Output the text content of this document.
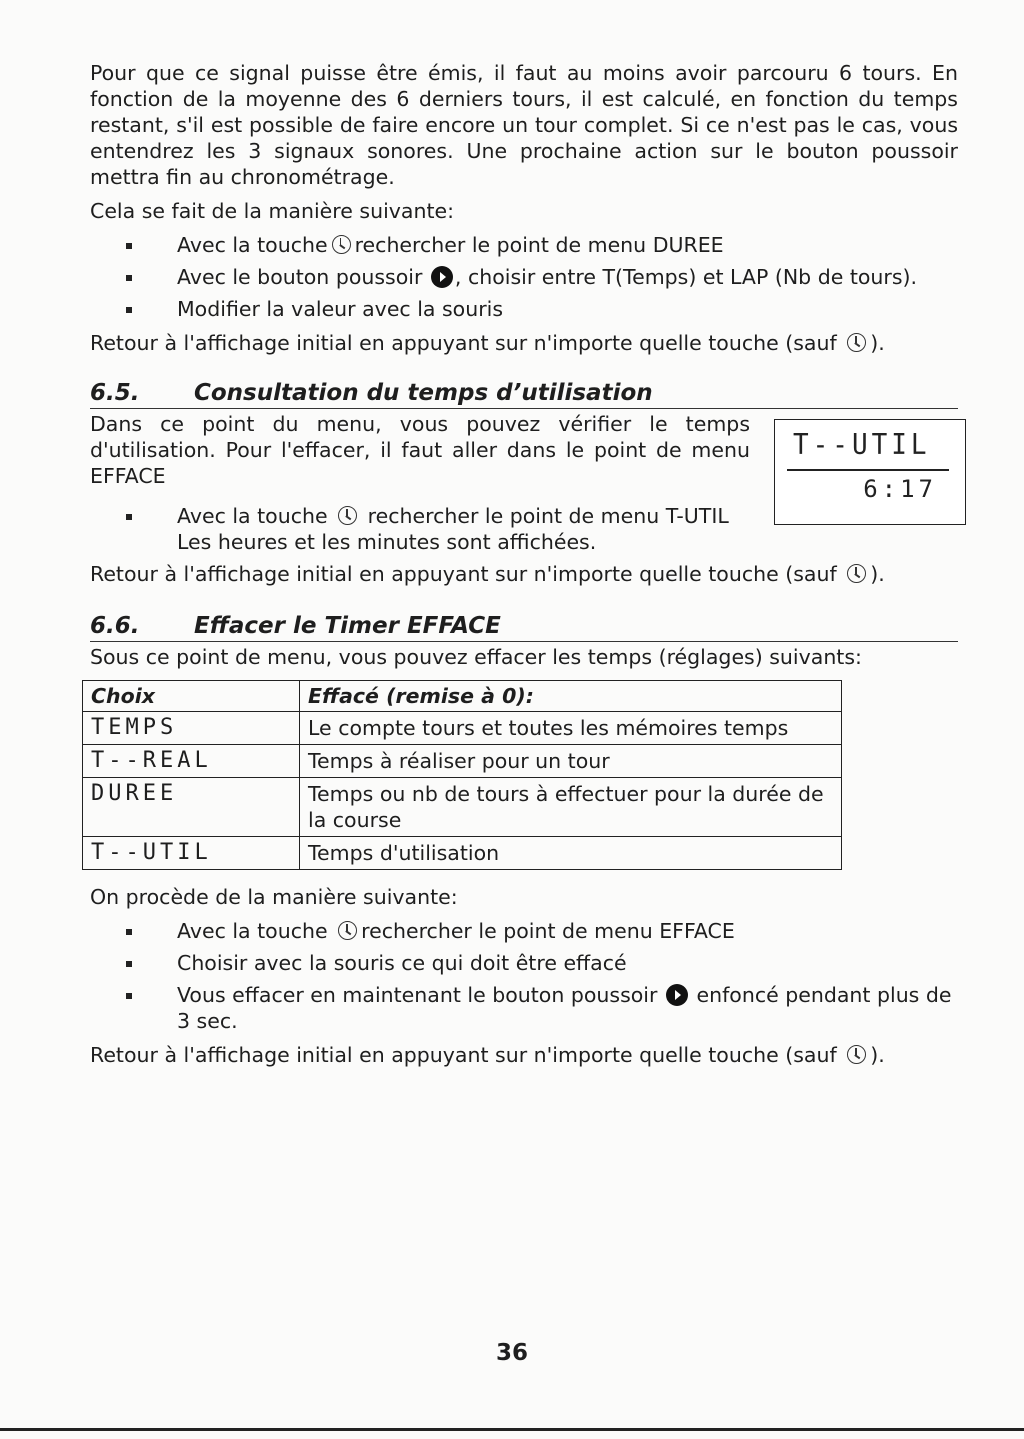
Pour que ce signal puisse être émis, il faut au moins avoir parcouru 6 tours. En fonction de la moyenne des 6 derniers tours, il est calculé, en fonction du temps restant, s'il est possible de faire encore un tour complet. Si ce n'est pas le cas, vous entendrez les 3 signaux sonores. Une prochaine action sur le bouton poussoir mettra fin au chronométrage.

Cela se fait de la manière suivante:

Avec la touche rechercher le point de menu DUREE
Avec le bouton poussoir , choisir entre T(Temps) et LAP (Nb de tours).
Modifier la valeur avec la souris

Retour à l'affichage initial en appuyant sur n'importe quelle touche (sauf ).

6.5.	Consultation du temps d’utilisation

Dans ce point du menu, vous pouvez vérifier le temps d'utilisation. Pour l'effacer, il faut aller dans le point de menu EFFACE

Avec la touche rechercher le point de menu T-UTIL
Les heures et les minutes sont affichées.
T--UTIL
6:17

Retour à l'affichage initial en appuyant sur n'importe quelle touche (sauf ).

6.6.	Effacer le Timer EFFACE

Sous ce point de menu, vous pouvez effacer les temps (réglages) suivants:

Choix	Effacé (remise à 0):
TEMPS	Le compte tours et toutes les mémoires temps
T--REAL	Temps à réaliser pour un tour
DUREE	Temps ou nb de tours à effectuer pour la durée de la course
T--UTIL	Temps d'utilisation

On procède de la manière suivante:

Avec la touche rechercher le point de menu EFFACE
Choisir avec la souris ce qui doit être effacé
Vous effacer en maintenant le bouton poussoir enfoncé pendant plus de 3 sec.

Retour à l'affichage initial en appuyant sur n'importe quelle touche (sauf ).

36
